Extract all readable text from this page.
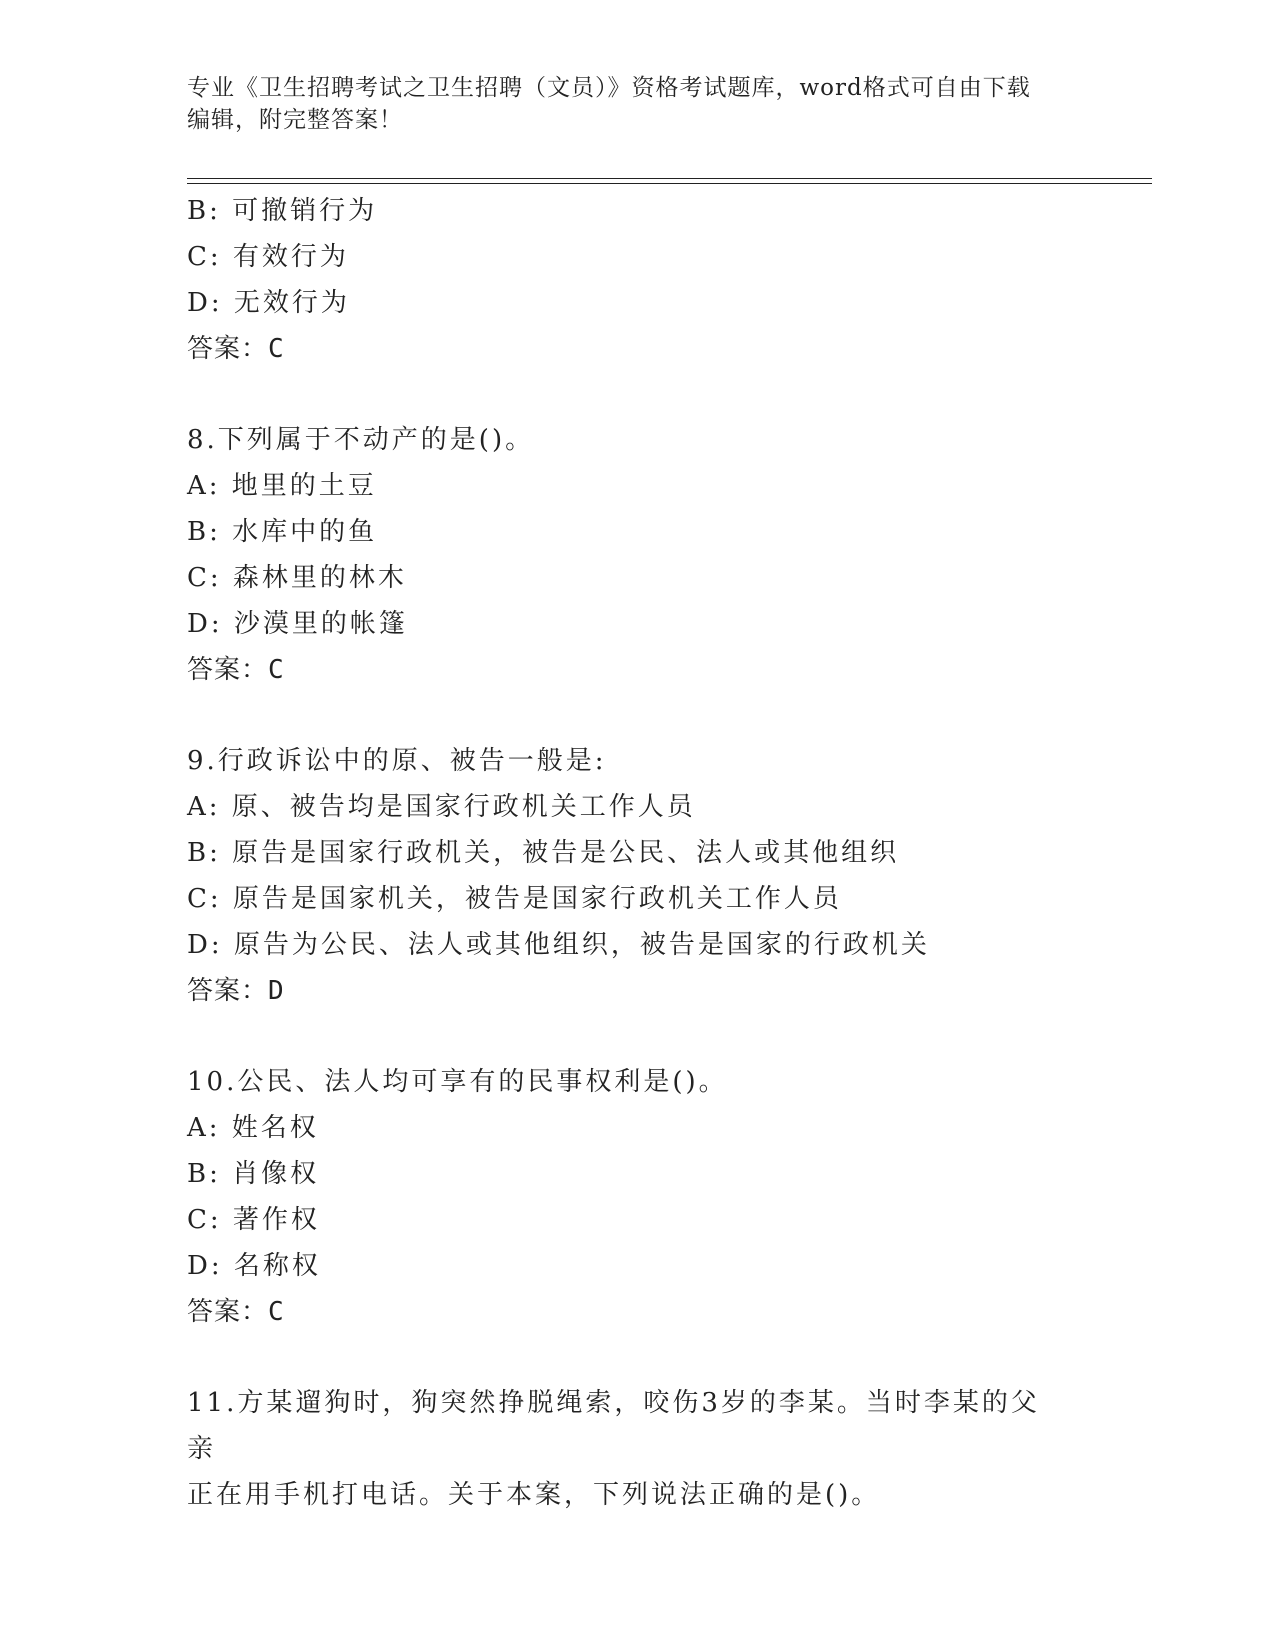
专业《卫生招聘考试之卫生招聘（文员）》资格考试题库，word格式可自由下载
编辑，附完整答案！
B: 可撤销行为
C: 有效行为
D: 无效行为
答案：C
8.下列属于不动产的是()。
A: 地里的土豆
B: 水库中的鱼
C: 森林里的林木
D: 沙漠里的帐篷
答案：C
9.行政诉讼中的原、被告一般是:
A: 原、被告均是国家行政机关工作人员
B: 原告是国家行政机关，被告是公民、法人或其他组织
C: 原告是国家机关，被告是国家行政机关工作人员
D: 原告为公民、法人或其他组织，被告是国家的行政机关
答案：D
10.公民、法人均可享有的民事权利是()。
A: 姓名权
B: 肖像权
C: 著作权
D: 名称权
答案：C
11.方某遛狗时，狗突然挣脱绳索，咬伤3岁的李某。当时李某的父亲
正在用手机打电话。关于本案，下列说法正确的是()。
